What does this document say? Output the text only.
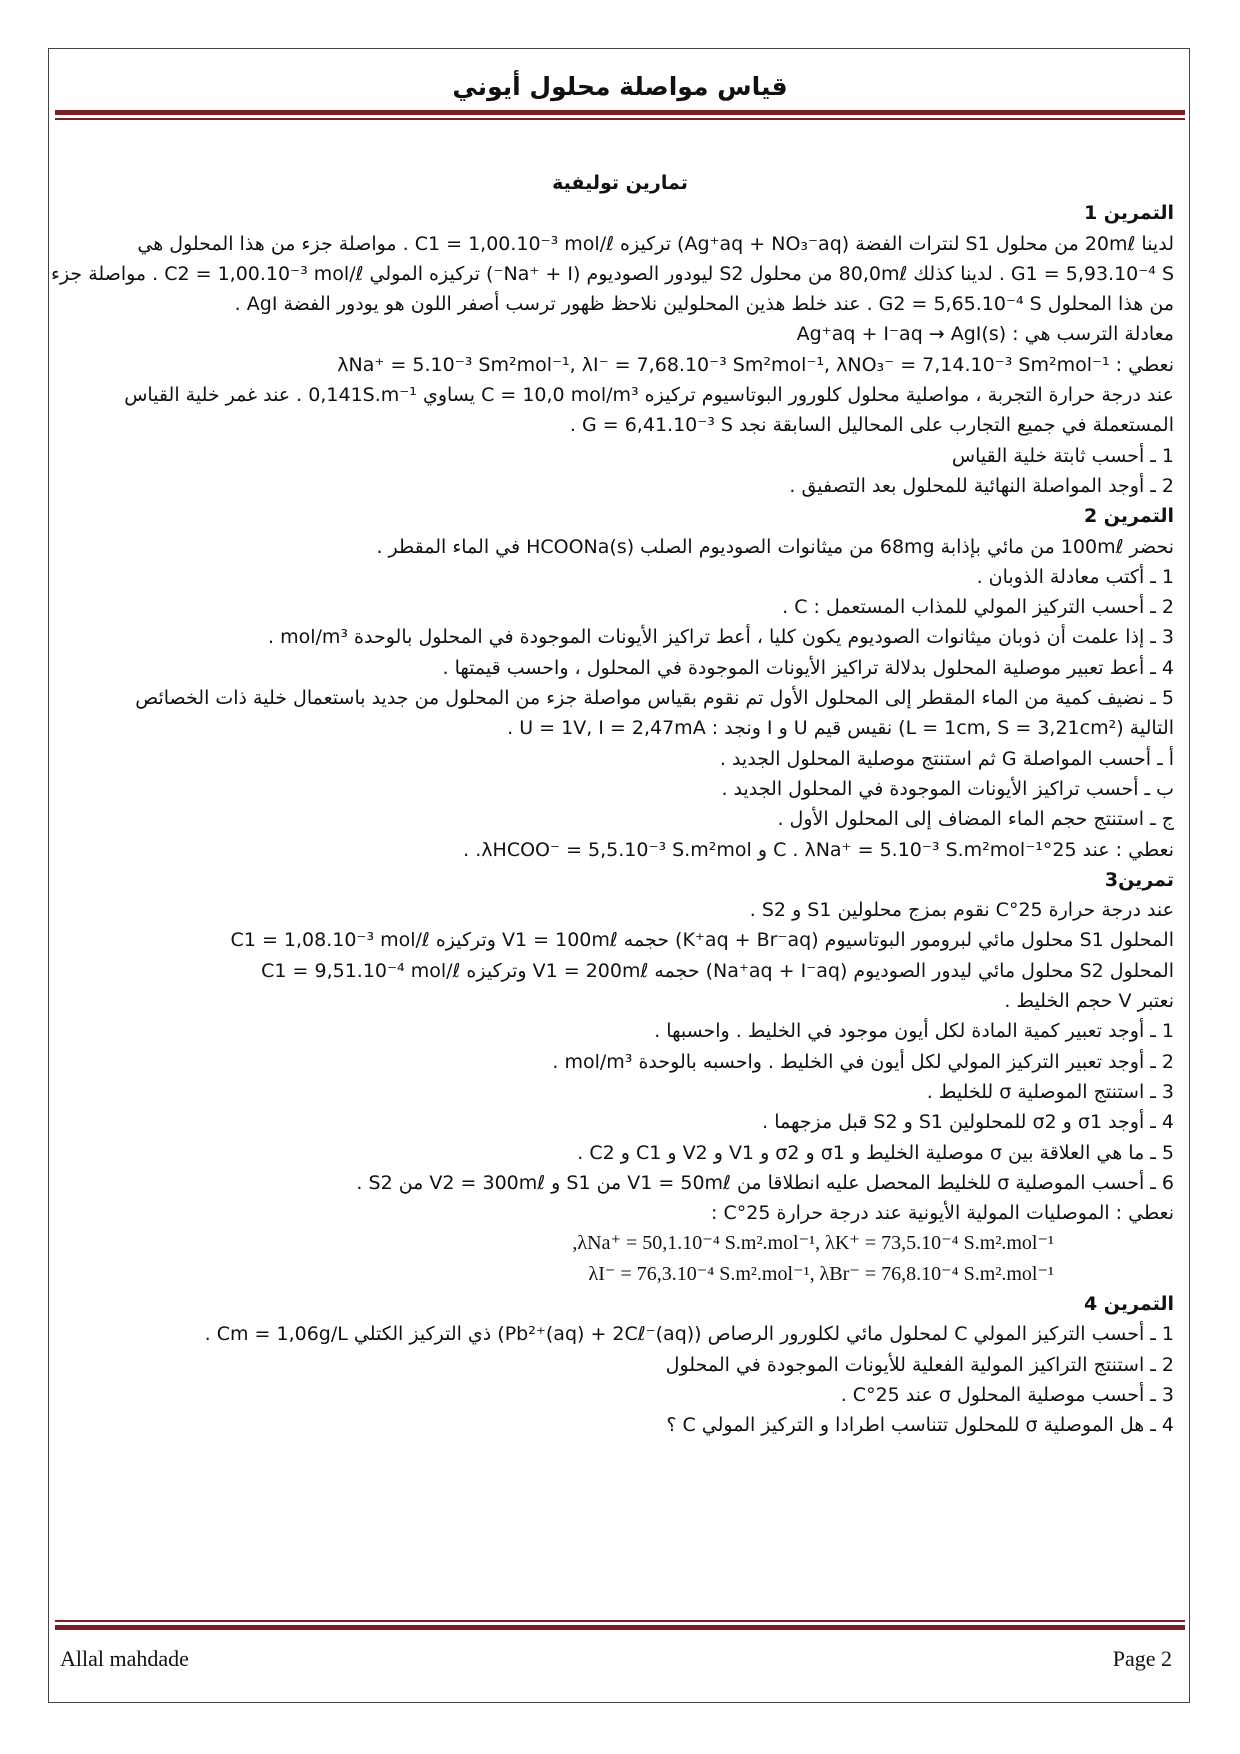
قياس مواصلة محلول أيوني
تمارين توليفية
التمرين 1
لدينا 20mℓ من محلول S1 لنترات الفضة (Ag⁺aq + NO₃⁻aq) تركيزه C1 = 1,00.10⁻³ mol/ℓ . مواصلة جزء من هذا المحلول هي
G1 = 5,93.10⁻⁴ S . لدينا كذلك 80,0mℓ من محلول S2 ليودور الصوديوم (Na⁺ + I⁻) تركيزه المولي C2 = 1,00.10⁻³ mol/ℓ . مواصلة جزء
من هذا المحلول G2 = 5,65.10⁻⁴ S . عند خلط هذين المحلولين نلاحظ ظهور ترسب أصفر اللون هو يودور الفضة AgI .
معادلة الترسب هي : Ag⁺aq + I⁻aq → AgI(s)
نعطي : λNa⁺ = 5.10⁻³ Sm²mol⁻¹, λI⁻ = 7,68.10⁻³ Sm²mol⁻¹, λNO₃⁻ = 7,14.10⁻³ Sm²mol⁻¹
عند درجة حرارة التجربة ، مواصلية محلول كلورور البوتاسيوم تركيزه C = 10,0 mol/m³ يساوي 0,141S.m⁻¹ . عند غمر خلية القياس
المستعملة في جميع التجارب على المحاليل السابقة نجد G = 6,41.10⁻³ S .
1 ـ أحسب ثابتة خلية القياس
2 ـ أوجد المواصلة النهائية للمحلول بعد التصفيق .
التمرين 2
نحضر 100mℓ من مائي بإذابة 68mg من ميثانوات الصوديوم الصلب HCOONa(s) في الماء المقطر .
1 ـ أكتب معادلة الذوبان .
2 ـ أحسب التركيز المولي للمذاب المستعمل : C .
3 ـ إذا علمت أن ذوبان ميثانوات الصوديوم يكون كليا ، أعط تراكيز الأيونات الموجودة في المحلول بالوحدة mol/m³ .
4 ـ أعط تعبير موصلية المحلول بدلالة تراكيز الأيونات الموجودة في المحلول ، واحسب قيمتها .
5 ـ نضيف كمية من الماء المقطر إلى المحلول الأول تم نقوم بقياس مواصلة جزء من المحلول من جديد باستعمال خلية ذات الخصائص
التالية (L = 1cm, S = 3,21cm²) نقيس قيم U و I ونجد : U = 1V, I = 2,47mA .
أ ـ أحسب المواصلة G ثم استنتج موصلية المحلول الجديد .
ب ـ أحسب تراكيز الأيونات الموجودة في المحلول الجديد .
ج ـ استنتج حجم الماء المضاف إلى المحلول الأول .
نعطي : عند 25°C . λNa⁺ = 5.10⁻³ S.m²mol⁻¹ و λHCOO⁻ = 5,5.10⁻³ S.m²mol. .
تمرين3
عند درجة حرارة 25°C نقوم بمزج محلولين S1 و S2 .
المحلول S1 محلول مائي لبرومور البوتاسيوم (K⁺aq + Br⁻aq) حجمه V1 = 100mℓ وتركيزه C1 = 1,08.10⁻³ mol/ℓ
المحلول S2 محلول مائي ليدور الصوديوم (Na⁺aq + I⁻aq) حجمه V1 = 200mℓ وتركيزه C1 = 9,51.10⁻⁴ mol/ℓ
نعتبر V حجم الخليط .
1 ـ أوجد تعبير كمية المادة لكل أيون موجود في الخليط . واحسبها .
2 ـ أوجد تعبير التركيز المولي لكل أيون في الخليط . واحسبه بالوحدة mol/m³ .
3 ـ استنتج الموصلية σ للخليط .
4 ـ أوجد σ1 و σ2 للمحلولين S1 و S2 قبل مزجهما .
5 ـ ما هي العلاقة بين σ موصلية الخليط و σ1 و σ2 و V1 و V2 و C1 و C2 .
6 ـ أحسب الموصلية σ للخليط المحصل عليه انطلاقا من V1 = 50mℓ من S1 و V2 = 300mℓ من S2 .
نعطي : الموصليات المولية الأيونية عند درجة حرارة 25°C :
λNa⁺ = 50,1.10⁻⁴ S.m².mol⁻¹, λK⁺ = 73,5.10⁻⁴ S.m².mol⁻¹,
λI⁻ = 76,3.10⁻⁴ S.m².mol⁻¹, λBr⁻ = 76,8.10⁻⁴ S.m².mol⁻¹
التمرين 4
1 ـ أحسب التركيز المولي C لمحلول مائي لكلورور الرصاص (Pb²⁺(aq) + 2Cℓ⁻(aq)) ذي التركيز الكتلي Cm = 1,06g/L .
2 ـ استنتج التراكيز المولية الفعلية للأيونات الموجودة في المحلول
3 ـ أحسب موصلية المحلول σ عند 25°C .
4 ـ هل الموصلية σ للمحلول تتناسب اطرادا و التركيز المولي C ؟
Allal mahdade	Page 2
